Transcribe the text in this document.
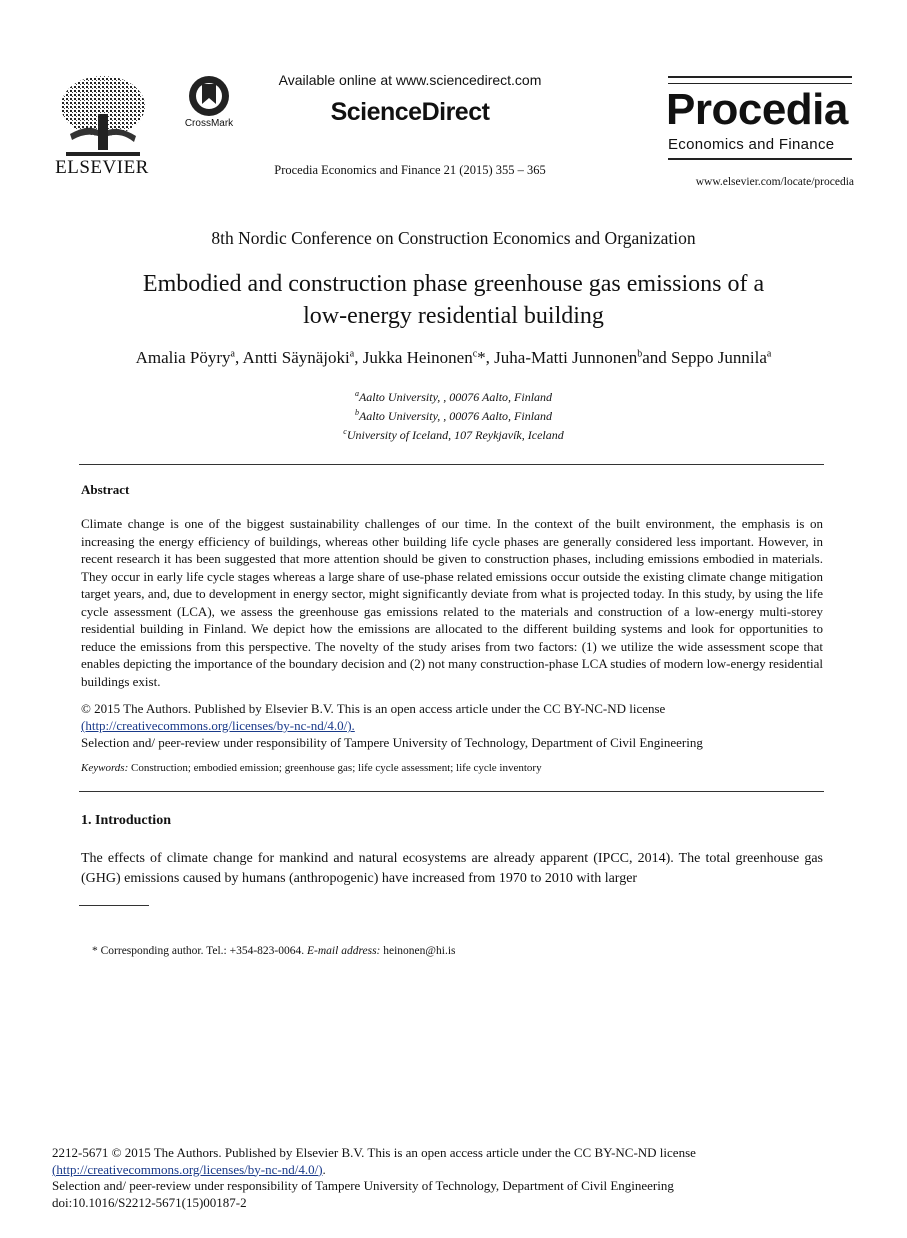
ELSEVIER
CrossMark
Available online at www.sciencedirect.com
ScienceDirect
Procedia Economics and Finance 21 (2015) 355 – 365
Procedia
Economics and Finance
www.elsevier.com/locate/procedia
8th Nordic Conference on Construction Economics and Organization
Embodied and construction phase greenhouse gas emissions of a
low-energy residential building
Amalia Pöyry$^a$, Antti Säynäjoki$^a$, Jukka Heinonen$^c$*, Juha-Matti Junnonen$^b$and Seppo Junnila$^a$
$^a$Aalto University, , 00076 Aalto, Finland
$^b$Aalto University, , 00076 Aalto, Finland
$^c$University of Iceland, 107 Reykjavík, Iceland
Abstract
Climate change is one of the biggest sustainability challenges of our time. In the context of the built environment, the emphasis is on increasing the energy efficiency of buildings, whereas other building life cycle phases are generally considered less important. However, in recent research it has been suggested that more attention should be given to construction phases, including emissions embodied in materials. They occur in early life cycle stages whereas a large share of use-phase related emissions occur outside the existing climate change mitigation target years, and, due to development in energy sector, might significantly deviate from what is projected today. In this study, by using the life cycle assessment (LCA), we assess the greenhouse gas emissions related to the materials and construction of a low-energy multi-storey residential building in Finland. We depict how the emissions are allocated to the different building systems and look for opportunities to reduce the emissions from this perspective. The novelty of the study arises from two factors: (1) we utilize the wide assessment scope that enables depicting the importance of the boundary decision and (2) not many construction-phase LCA studies of modern low-energy residential buildings exist.
© 2015 The Authors. Published by Elsevier B.V. This is an open access article under the CC BY-NC-ND license
(http://creativecommons.org/licenses/by-nc-nd/4.0/).
Selection and/ peer-review under responsibility of Tampere University of Technology, Department of Civil Engineering
Keywords: Construction; embodied emission; greenhouse gas; life cycle assessment; life cycle inventory
1. Introduction
The effects of climate change for mankind and natural ecosystems are already apparent (IPCC, 2014). The total greenhouse gas (GHG) emissions caused by humans (anthropogenic) have increased from 1970 to 2010 with larger
* Corresponding author. Tel.: +354-823-0064. E-mail address: heinonen@hi.is
2212-5671 © 2015 The Authors. Published by Elsevier B.V. This is an open access article under the CC BY-NC-ND license
(http://creativecommons.org/licenses/by-nc-nd/4.0/).
Selection and/ peer-review under responsibility of Tampere University of Technology, Department of Civil Engineering
doi:10.1016/S2212-5671(15)00187-2
